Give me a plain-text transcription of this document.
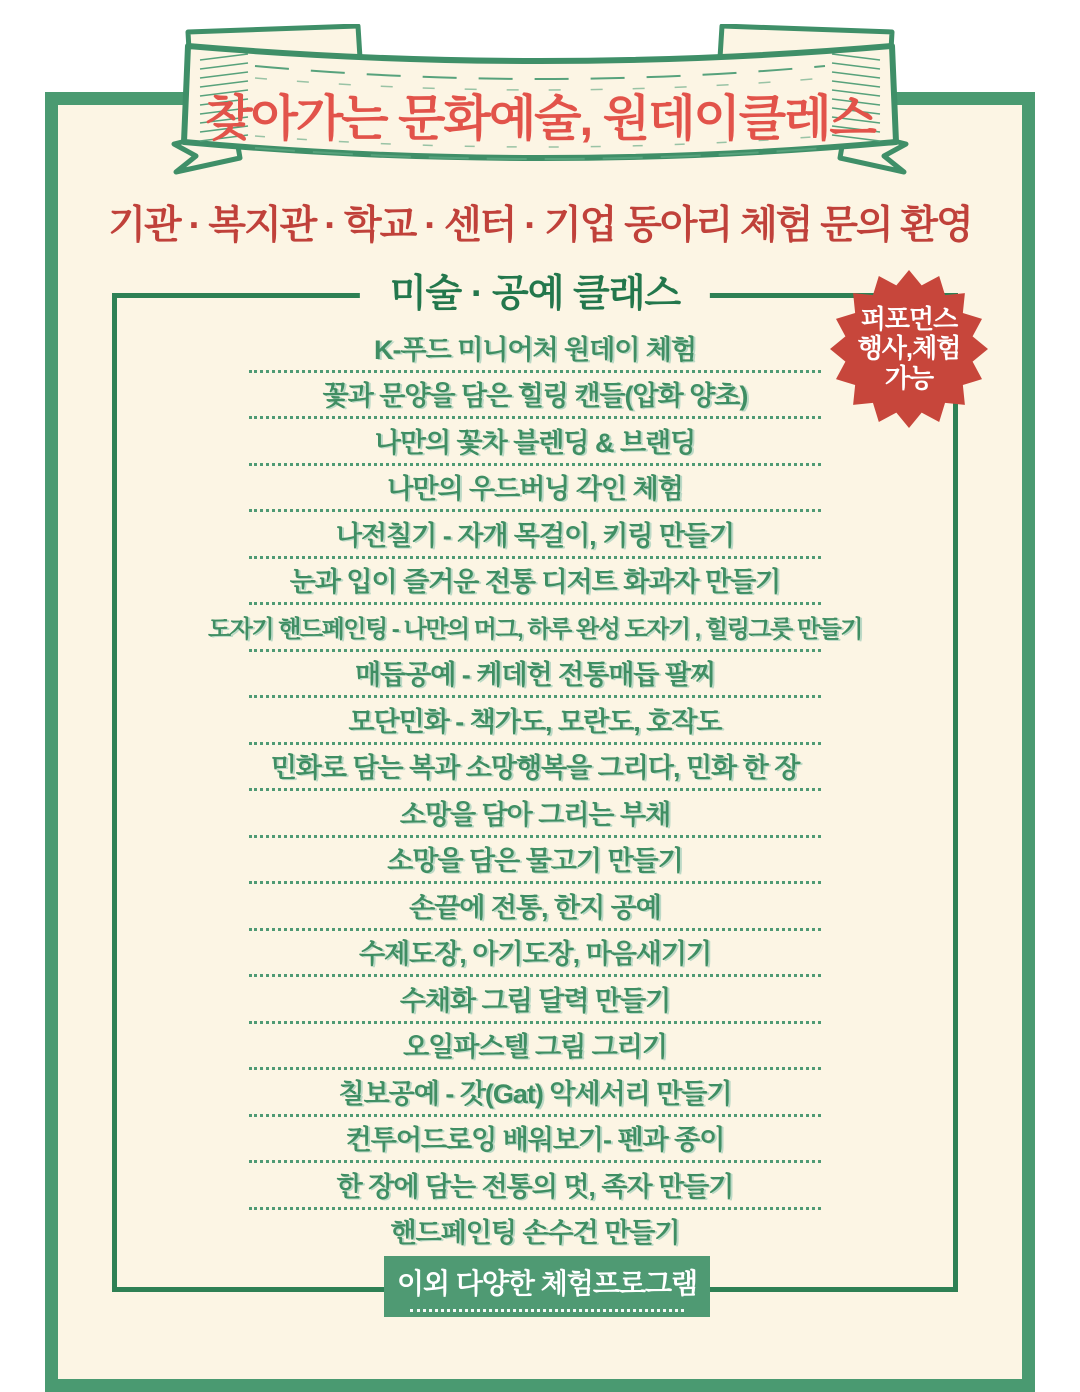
찾아가는 문화예술, 원데이클레스
기관 · 복지관 · 학교 · 센터 · 기업 동아리 체험 문의 환영
미술 · 공예 클래스
퍼포먼스
행사,체험
가능
K-푸드 미니어처 원데이 체험
꽃과 문양을 담은 힐링 캔들(압화 양초)
나만의 꽃차 블렌딩 & 브랜딩
나만의 우드버닝 각인 체험
나전칠기 - 자개 목걸이, 키링 만들기
눈과 입이 즐거운 전통 디저트 화과자 만들기
도자기 핸드페인팅 - 나만의 머그, 하루 완성 도자기 , 힐링그릇 만들기
매듭공예 - 케데헌 전통매듭 팔찌
모단민화 - 책가도, 모란도, 호작도
민화로 담는 복과 소망행복을 그리다, 민화 한 장
소망을 담아 그리는 부채
소망을 담은 물고기 만들기
손끝에 전통, 한지 공예
수제도장, 아기도장, 마음새기기
수채화 그림 달력 만들기
오일파스텔 그림 그리기
칠보공예 - 갓(Gat) 악세서리 만들기
컨투어드로잉 배워보기- 펜과 종이
한 장에 담는 전통의 멋, 족자 만들기
핸드페인팅 손수건 만들기
이외 다양한 체험프로그램
